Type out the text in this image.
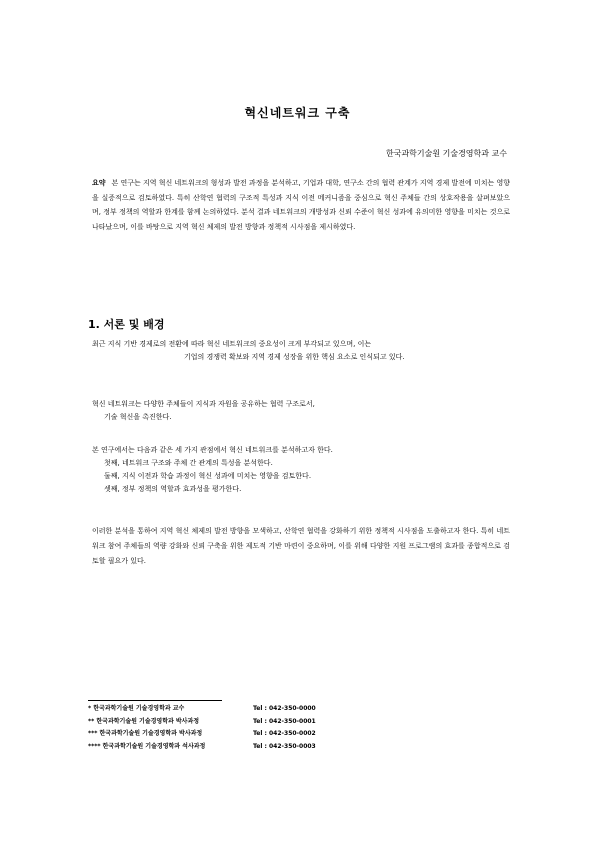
혁신네트워크 구축
한국과학기술원 기술경영학과 교수
요약 본 연구는 지역 혁신 네트워크의 형성과 발전 과정을 분석하고, 기업과 대학, 연구소 간의 협력 관계가 지역 경제 발전에 미치는 영향을 실증적으로 검토하였다. 특히 산학연 협력의 구조적 특성과 지식 이전 메커니즘을 중심으로 혁신 주체들 간의 상호작용을 살펴보았으며, 정부 정책의 역할과 한계를 함께 논의하였다. 분석 결과 네트워크의 개방성과 신뢰 수준이 혁신 성과에 유의미한 영향을 미치는 것으로 나타났으며, 이를 바탕으로 지역 혁신 체제의 발전 방향과 정책적 시사점을 제시하였다.
1. 서론 및 배경
최근 지식 기반 경제로의 전환에 따라 혁신 네트워크의 중요성이 크게 부각되고 있으며, 이는
기업의 경쟁력 확보와 지역 경제 성장을 위한 핵심 요소로 인식되고 있다.
혁신 네트워크는 다양한 주체들이 지식과 자원을 공유하는 협력 구조로서,
기술 혁신을 촉진한다.
본 연구에서는 다음과 같은 세 가지 관점에서 혁신 네트워크를 분석하고자 한다.
첫째, 네트워크 구조와 주체 간 관계의 특성을 분석한다.
둘째, 지식 이전과 학습 과정이 혁신 성과에 미치는 영향을 검토한다.
셋째, 정부 정책의 역할과 효과성을 평가한다.
이러한 분석을 통하여 지역 혁신 체제의 발전 방향을 모색하고, 산학연 협력을 강화하기 위한 정책적 시사점을 도출하고자 한다. 특히 네트워크 참여 주체들의 역량 강화와 신뢰 구축을 위한 제도적 기반 마련이 중요하며, 이를 위해 다양한 지원 프로그램의 효과를 종합적으로 검토할 필요가 있다.
* 한국과학기술원 기술경영학과 교수	Tel : 042-350-0000
** 한국과학기술원 기술경영학과 박사과정	Tel : 042-350-0001
*** 한국과학기술원 기술경영학과 박사과정	Tel : 042-350-0002
**** 한국과학기술원 기술경영학과 석사과정	Tel : 042-350-0003
